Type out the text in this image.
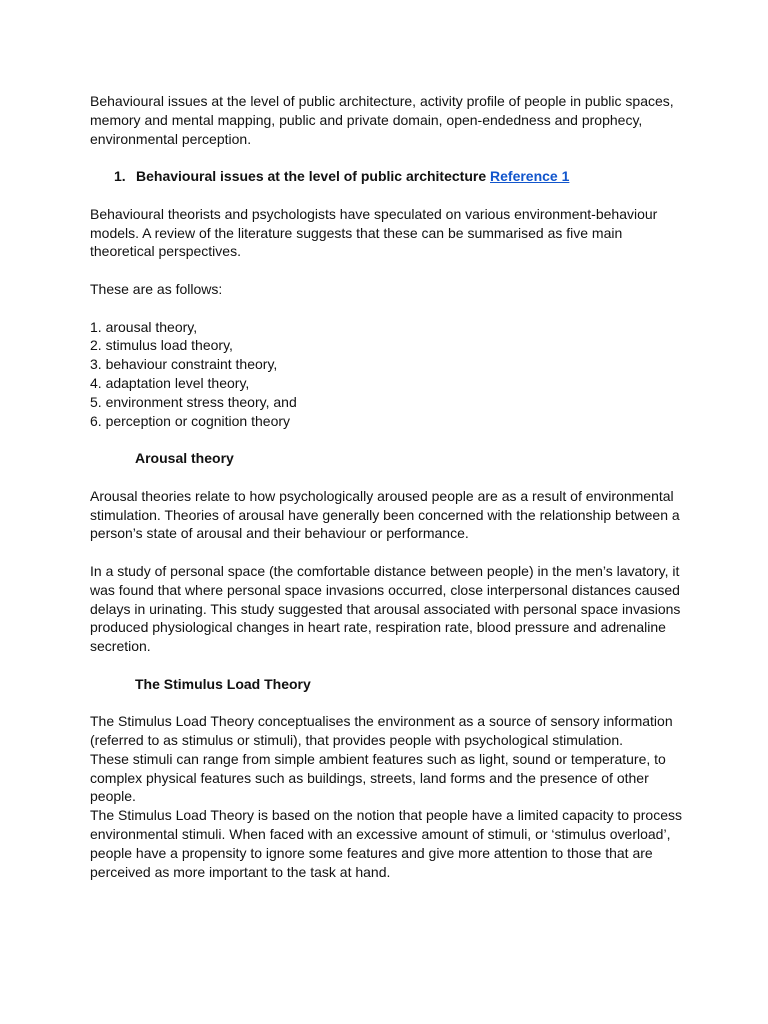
Behavioural issues at the level of public architecture, activity profile of people in public spaces, memory and mental mapping, public and private domain, open-endedness and prophecy, environmental perception.

1. Behavioural issues at the level of public architecture Reference 1

Behavioural theorists and psychologists have speculated on various environment-behaviour models. A review of the literature suggests that these can be summarised as five main theoretical perspectives.

These are as follows:

1. arousal theory,
2. stimulus load theory,
3. behaviour constraint theory,
4. adaptation level theory,
5. environment stress theory, and
6. perception or cognition theory

Arousal theory

Arousal theories relate to how psychologically aroused people are as a result of environmental stimulation. Theories of arousal have generally been concerned with the relationship between a person’s state of arousal and their behaviour or performance.

In a study of personal space (the comfortable distance between people) in the men’s lavatory, it was found that where personal space invasions occurred, close interpersonal distances caused delays in urinating. This study suggested that arousal associated with personal space invasions produced physiological changes in heart rate, respiration rate, blood pressure and adrenaline secretion.

The Stimulus Load Theory

The Stimulus Load Theory conceptualises the environment as a source of sensory information (referred to as stimulus or stimuli), that provides people with psychological stimulation.

These stimuli can range from simple ambient features such as light, sound or temperature, to complex physical features such as buildings, streets, land forms and the presence of other people.

The Stimulus Load Theory is based on the notion that people have a limited capacity to process environmental stimuli. When faced with an excessive amount of stimuli, or ‘stimulus overload’, people have a propensity to ignore some features and give more attention to those that are perceived as more important to the task at hand.
